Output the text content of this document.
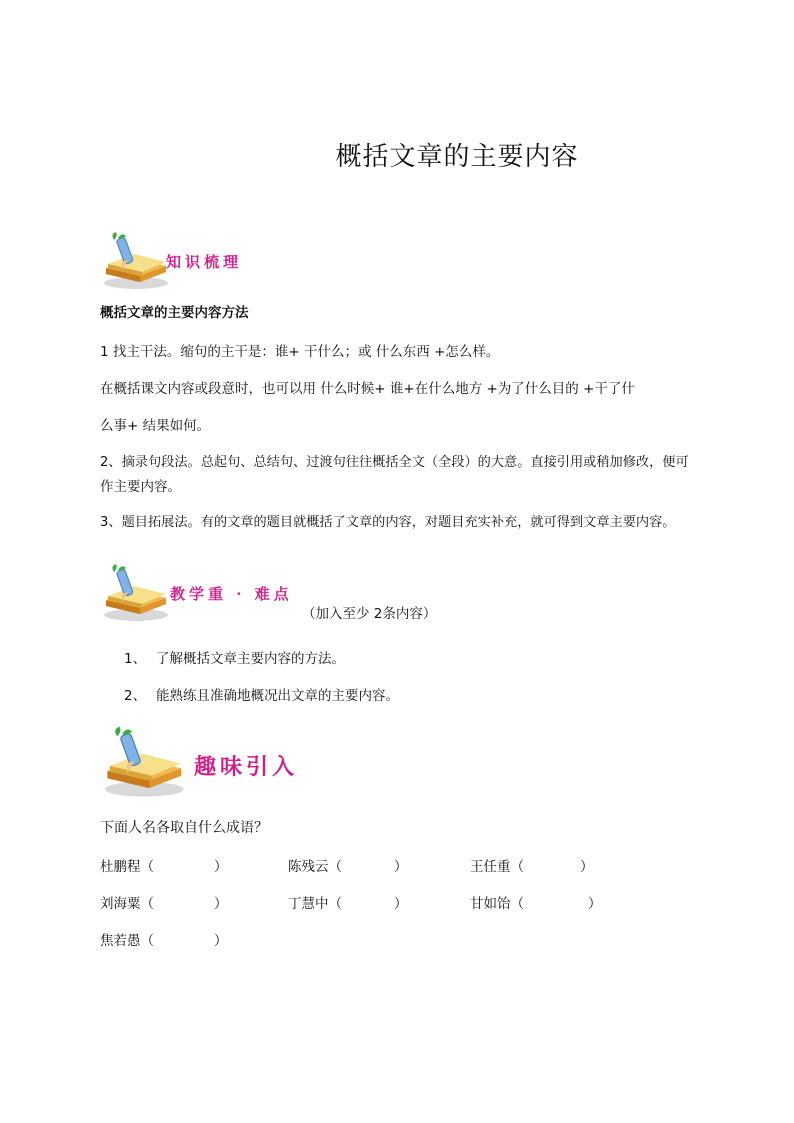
概括文章的主要内容
知识梳理
概括文章的主要内容方法
1 找主干法。缩句的主干是：谁+ 干什么；或 什么东西 +怎么样。
在概括课文内容或段意时，也可以用 什么时候+ 谁+在什么地方 +为了什么目的 +干了什
么事+ 结果如何。
2、摘录句段法。总起句、总结句、过渡句往往概括全文（全段）的大意。直接引用或稍加修改，便可
作主要内容。
3、题目拓展法。有的文章的题目就概括了文章的内容，对题目充实补充，就可得到文章主要内容。
教学重 · 难点
（加入至少 2条内容）
1、 了解概括文章主要内容的方法。
2、 能熟练且准确地概况出文章的主要内容。
趣味引入
下面人名各取自什么成语？
杜鹏程（	）	陈残云（	）	王任重（	）
刘海粟（	）	丁慧中（	）	甘如饴（	）
焦若愚（	）
